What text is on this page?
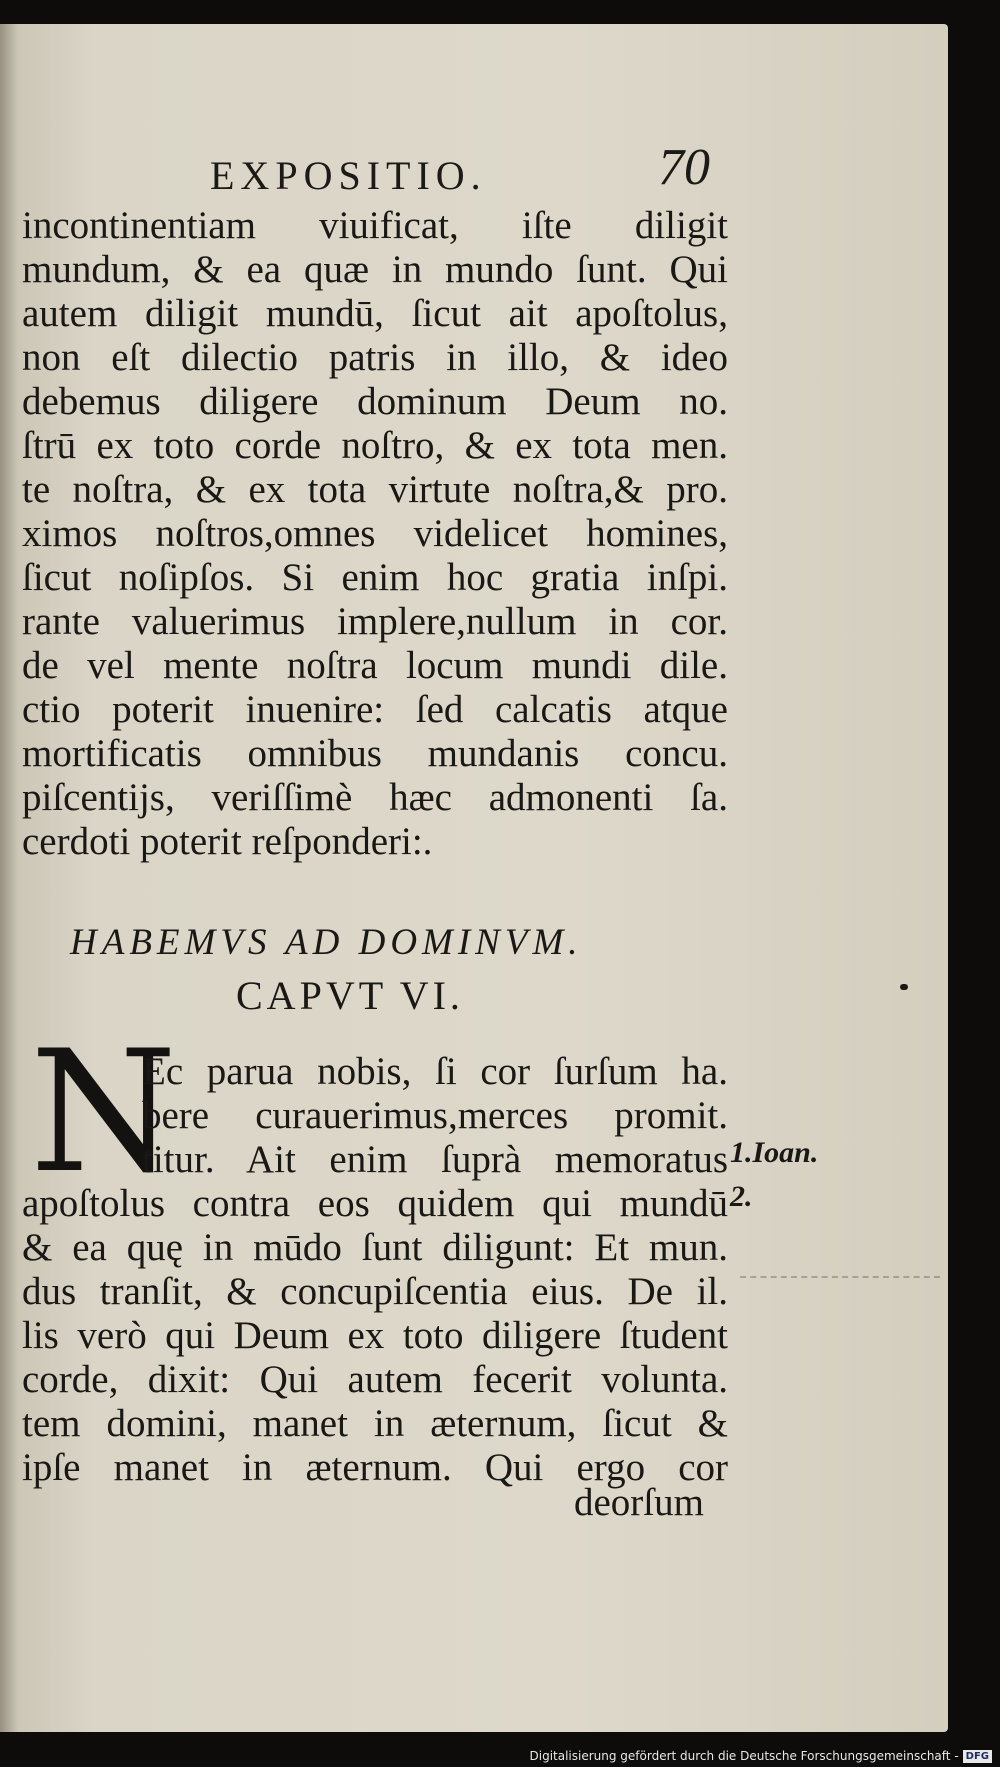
EXPOSITIO.	70
incontinentiam viuificat, iſte diligit
mundum, & ea quæ in mundo ſunt. Qui
autem diligit mundū, ſicut ait apoſtolus,
non eſt dilectio patris in illo, & ideo
debemus diligere dominum Deum no.
ſtrū ex toto corde noſtro, & ex tota men.
te noſtra, & ex tota virtute noſtra,& pro.
ximos noſtros,omnes videlicet homines,
ſicut noſipſos. Si enim hoc gratia inſpi.
rante valuerimus implere,nullum in cor.
de vel mente noſtra locum mundi dile.
ctio poterit inuenire: ſed calcatis atque
mortificatis omnibus mundanis concu.
piſcentijs, veriſſimè hæc admonenti ſa.
cerdoti poterit reſponderi:.
HABEMVS AD DOMINVM.
CAPVT VI.
N
Ec parua nobis, ſi cor ſurſum ha.
bere curauerimus,merces promit.
titur. Ait enim ſuprà memoratus
apoſtolus contra eos quidem qui mundū
& ea quę in mūdo ſunt diligunt: Et mun.
dus tranſit, & concupiſcentia eius. De il.
lis verò qui Deum ex toto diligere ſtudent
corde, dixit: Qui autem fecerit volunta.
tem domini, manet in æternum, ſicut &
ipſe manet in æternum. Qui ergo cor
1.Ioan.
2.
deorſum
Digitalisierung gefördert durch die Deutsche Forschungsgemeinschaft - DFG
